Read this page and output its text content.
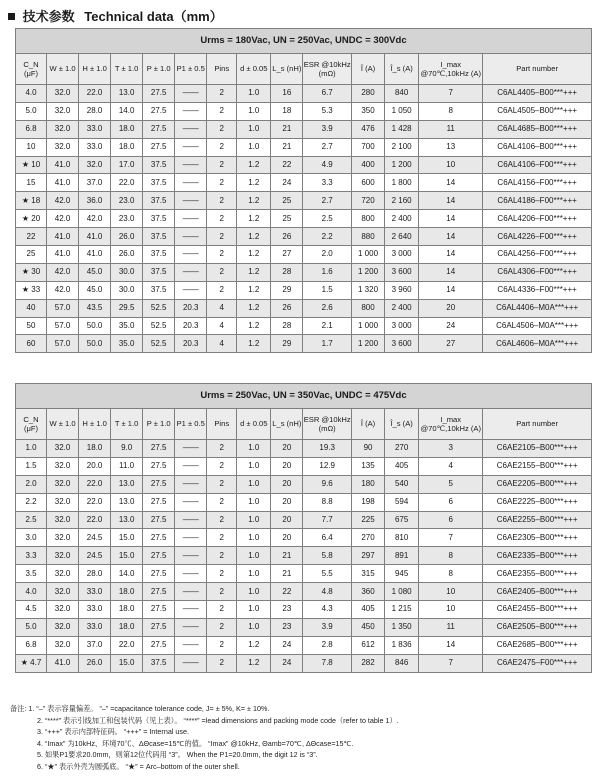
技术参数 Technical data（mm）
Urms = 180Vac, UN = 250Vac, UNDC = 300Vdc													
C_N (μF)	W ± 1.0	H ± 1.0	T ± 1.0	P ± 1.0	P1 ± 0.5	Pins	d ± 0.05	L_s (nH)	ESR @10kHz (mΩ)	Î (A)	Î_s (A)	I_max @70℃,10kHz (A)	Part number
4.0	32.0	22.0	13.0	27.5	——	2	1.0	16	6.7	280	840	7	C6AL4405–B00***+++
5.0	32.0	28.0	14.0	27.5	——	2	1.0	18	5.3	350	1 050	8	C6AL4505–B00***+++
6.8	32.0	33.0	18.0	27.5	——	2	1.0	21	3.9	476	1 428	11	C6AL4685–B00***+++
10	32.0	33.0	18.0	27.5	——	2	1.0	21	2.7	700	2 100	13	C6AL4106–B00***+++
★ 10	41.0	32.0	17.0	37.5	——	2	1.2	22	4.9	400	1 200	10	C6AL4106–F00***+++
15	41.0	37.0	22.0	37.5	——	2	1.2	24	3.3	600	1 800	14	C6AL4156–F00***+++
★ 18	42.0	36.0	23.0	37.5	——	2	1.2	25	2.7	720	2 160	14	C6AL4186–F00***+++
★ 20	42.0	42.0	23.0	37.5	——	2	1.2	25	2.5	800	2 400	14	C6AL4206–F00***+++
22	41.0	41.0	26.0	37.5	——	2	1.2	26	2.2	880	2 640	14	C6AL4226–F00***+++
25	41.0	41.0	26.0	37.5	——	2	1.2	27	2.0	1 000	3 000	14	C6AL4256–F00***+++
★ 30	42.0	45.0	30.0	37.5	——	2	1.2	28	1.6	1 200	3 600	14	C6AL4306–F00***+++
★ 33	42.0	45.0	30.0	37.5	——	2	1.2	29	1.5	1 320	3 960	14	C6AL4336–F00***+++
40	57.0	43.5	29.5	52.5	20.3	4	1.2	26	2.6	800	2 400	20	C6AL4406–M0A***+++
50	57.0	50.0	35.0	52.5	20.3	4	1.2	28	2.1	1 000	3 000	24	C6AL4506–M0A***+++
60	57.0	50.0	35.0	52.5	20.3	4	1.2	29	1.7	1 200	3 600	27	C6AL4606–M0A***+++
Urms = 250Vac, UN = 350Vac, UNDC = 475Vdc													
C_N (μF)	W ± 1.0	H ± 1.0	T ± 1.0	P ± 1.0	P1 ± 0.5	Pins	d ± 0.05	L_s (nH)	ESR @10kHz (mΩ)	Î (A)	Î_s (A)	I_max @70℃,10kHz (A)	Part number
1.0	32.0	18.0	9.0	27.5	——	2	1.0	20	19.3	90	270	3	C6AE2105–B00***+++
1.5	32.0	20.0	11.0	27.5	——	2	1.0	20	12.9	135	405	4	C6AE2155–B00***+++
2.0	32.0	22.0	13.0	27.5	——	2	1.0	20	9.6	180	540	5	C6AE2205–B00***+++
2.2	32.0	22.0	13.0	27.5	——	2	1.0	20	8.8	198	594	6	C6AE2225–B00***+++
2.5	32.0	22.0	13.0	27.5	——	2	1.0	20	7.7	225	675	6	C6AE2255–B00***+++
3.0	32.0	24.5	15.0	27.5	——	2	1.0	20	6.4	270	810	7	C6AE2305–B00***+++
3.3	32.0	24.5	15.0	27.5	——	2	1.0	21	5.8	297	891	8	C6AE2335–B00***+++
3.5	32.0	28.0	14.0	27.5	——	2	1.0	21	5.5	315	945	8	C6AE2355–B00***+++
4.0	32.0	33.0	18.0	27.5	——	2	1.0	22	4.8	360	1 080	10	C6AE2405–B00***+++
4.5	32.0	33.0	18.0	27.5	——	2	1.0	23	4.3	405	1 215	10	C6AE2455–B00***+++
5.0	32.0	33.0	18.0	27.5	——	2	1.0	23	3.9	450	1 350	11	C6AE2505–B00***+++
6.8	32.0	37.0	22.0	27.5	——	2	1.2	24	2.8	612	1 836	14	C6AE2685–B00***+++
★ 4.7	41.0	26.0	15.0	37.5	——	2	1.2	24	7.8	282	846	7	C6AE2475–F00***+++
备注: 1. “–” 表示容量偏差。 “–” =capacitance tolerance code, J= ± 5%, K= ± 10%.
2. “****” 表示引线加工和包装代码（见上表）。 “****” =lead dimensions and packing mode code（refer to table 1）.
3. “+++” 表示内部特征码。 “+++” = Internal use.
4. “Imax” 为10kHz、环境70℃、ΔΘcase=15℃的值。 “Imax” @10kHz, Θamb=70℃, ΔΘcase=15℃.
5. 如果P1要求20.0mm，则第12位代码用 “3”。 When the P1=20.0mm, the digit 12 is “3”.
6. “★” 表示外壳为圆弧底。 “★” = Arc–bottom of the outer shell.
